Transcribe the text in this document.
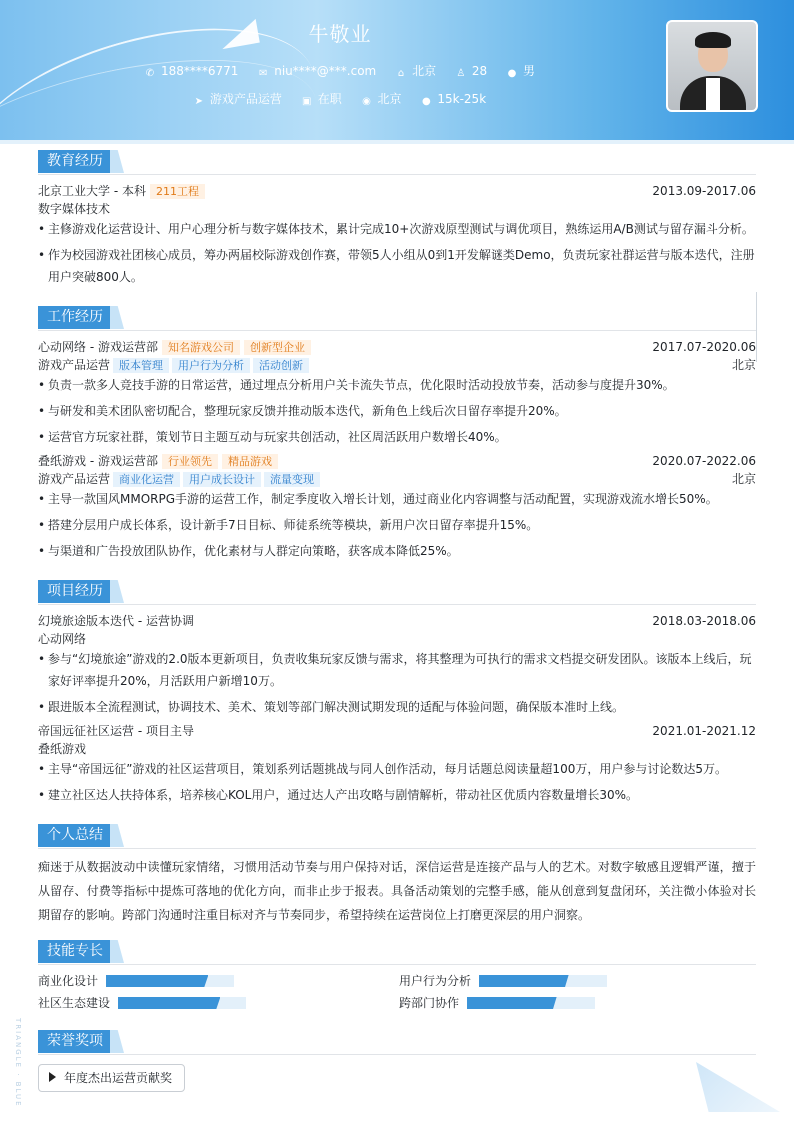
牛敬业
✆ 188****6771 ✉ niu****@***.com ⌂ 北京 ♙ 28 ● 男
➤ 游戏产品运营 ▣ 在职 ◉ 北京 ● 15k-25k
教育经历
北京工业大学 - 本科 211工程	2013.09-2017.06
数字媒体技术
• 主修游戏化运营设计、用户心理分析与数字媒体技术，累计完成10+次游戏原型测试与调优项目，熟练运用A/B测试与留存漏斗分析。
• 作为校园游戏社团核心成员，筹办两届校际游戏创作赛，带领5人小组从0到1开发解谜类Demo，负责玩家社群运营与版本迭代，注册用户突破800人。
工作经历
心动网络 - 游戏运营部 知名游戏公司 创新型企业	2017.07-2020.06
游戏产品运营 版本管理 用户行为分析 活动创新	北京
• 负责一款多人竞技手游的日常运营，通过埋点分析用户关卡流失节点，优化限时活动投放节奏，活动参与度提升30%。
• 与研发和美术团队密切配合，整理玩家反馈并推动版本迭代，新角色上线后次日留存率提升20%。
• 运营官方玩家社群，策划节日主题互动与玩家共创活动，社区周活跃用户数增长40%。
叠纸游戏 - 游戏运营部 行业领先 精品游戏	2020.07-2022.06
游戏产品运营 商业化运营 用户成长设计 流量变现	北京
• 主导一款国风MMORPG手游的运营工作，制定季度收入增长计划，通过商业化内容调整与活动配置，实现游戏流水增长50%。
• 搭建分层用户成长体系，设计新手7日目标、师徒系统等模块，新用户次日留存率提升15%。
• 与渠道和广告投放团队协作，优化素材与人群定向策略，获客成本降低25%。
项目经历
幻境旅途版本迭代 - 运营协调	2018.03-2018.06
心动网络
• 参与“幻境旅途”游戏的2.0版本更新项目，负责收集玩家反馈与需求，将其整理为可执行的需求文档提交研发团队。该版本上线后，玩家好评率提升20%，月活跃用户新增10万。
• 跟进版本全流程测试，协调技术、美术、策划等部门解决测试期发现的适配与体验问题，确保版本准时上线。
帝国远征社区运营 - 项目主导	2021.01-2021.12
叠纸游戏
• 主导“帝国远征”游戏的社区运营项目，策划系列话题挑战与同人创作活动，每月话题总阅读量超100万，用户参与讨论数达5万。
• 建立社区达人扶持体系，培养核心KOL用户，通过达人产出攻略与剧情解析，带动社区优质内容数量增长30%。
个人总结
痴迷于从数据波动中读懂玩家情绪，习惯用活动节奏与用户保持对话，深信运营是连接产品与人的艺术。对数字敏感且逻辑严谨，擅于从留存、付费等指标中提炼可落地的优化方向，而非止步于报表。具备活动策划的完整手感，能从创意到复盘闭环，关注微小体验对长期留存的影响。跨部门沟通时注重目标对齐与节奏同步，希望持续在运营岗位上打磨更深层的用户洞察。
技能专长
商业化设计	用户行为分析
社区生态建设	跨部门协作
荣誉奖项
年度杰出运营贡献奖
TRIANGLE · BLUE
